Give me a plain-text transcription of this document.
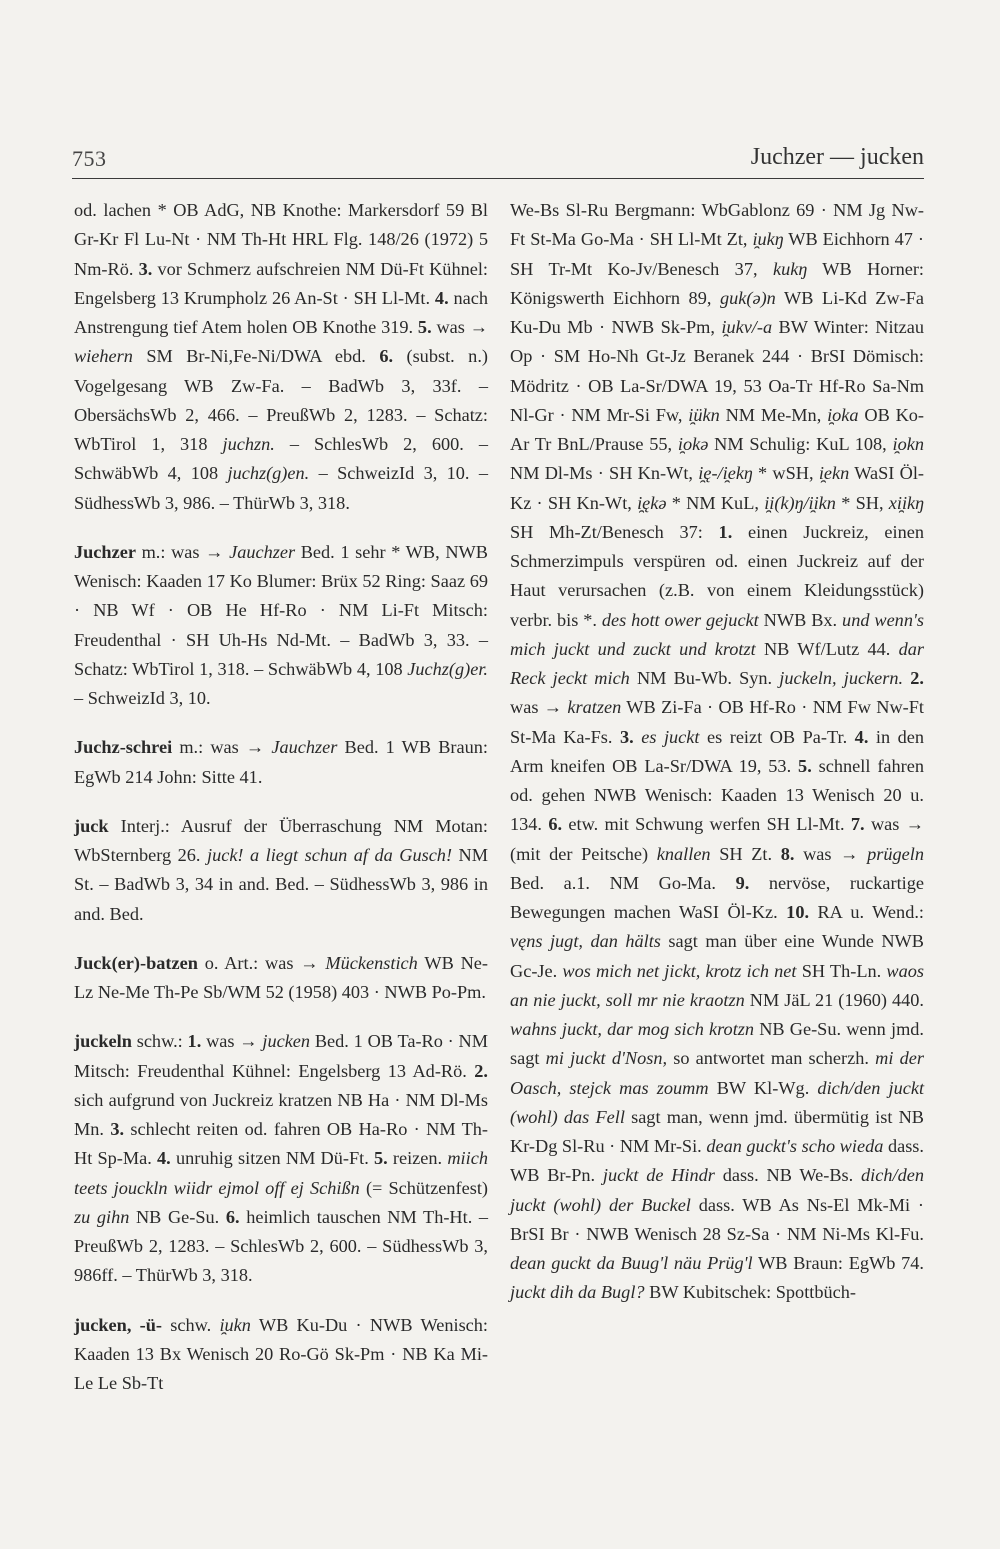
753	Juchzer — jucken

od. lachen * OB AdG, NB Knothe: Markersdorf 59 Bl Gr-Kr Fl Lu-Nt · NM Th-Ht HRL Flg. 148/26 (1972) 5 Nm-Rö. 3. vor Schmerz aufschreien NM Dü-Ft Kühnel: Engelsberg 13 Krumpholz 26 An-St · SH Ll-Mt. 4. nach Anstrengung tief Atem holen OB Knothe 319. 5. was → wiehern SM Br-Ni,Fe-Ni/DWA ebd. 6. (subst. n.) Vogelgesang WB Zw-Fa. – BadWb 3, 33f. – ObersächsWb 2, 466. – PreußWb 2, 1283. – Schatz: WbTirol 1, 318 juchzn. – SchlesWb 2, 600. – SchwäbWb 4, 108 juchz(g)en. – SchweizId 3, 10. – SüdhessWb 3, 986. – ThürWb 3, 318.

Juchzer m.: was → Jauchzer Bed. 1 sehr * WB, NWB Wenisch: Kaaden 17 Ko Blumer: Brüx 52 Ring: Saaz 69 · NB Wf · OB He Hf-Ro · NM Li-Ft Mitsch: Freudenthal · SH Uh-Hs Nd-Mt. – BadWb 3, 33. – Schatz: WbTirol 1, 318. – SchwäbWb 4, 108 Juchz(g)er. – SchweizId 3, 10.

Juchz-schrei m.: was → Jauchzer Bed. 1 WB Braun: EgWb 214 John: Sitte 41.

juck Interj.: Ausruf der Überraschung NM Motan: WbSternberg 26. juck! a liegt schun af da Gusch! NM St. – BadWb 3, 34 in and. Bed. – SüdhessWb 3, 986 in and. Bed.

Juck(er)-batzen o. Art.: was → Mückenstich WB Ne-Lz Ne-Me Th-Pe Sb/WM 52 (1958) 403 · NWB Po-Pm.

juckeln schw.: 1. was → jucken Bed. 1 OB Ta-Ro · NM Mitsch: Freudenthal Kühnel: Engelsberg 13 Ad-Rö. 2. sich aufgrund von Juckreiz kratzen NB Ha · NM Dl-Ms Mn. 3. schlecht reiten od. fahren OB Ha-Ro · NM Th-Ht Sp-Ma. 4. unruhig sitzen NM Dü-Ft. 5. reizen. miich teets jouckln wiidr ejmol off ej Schißn (= Schützenfest) zu gihn NB Ge-Su. 6. heimlich tauschen NM Th-Ht. – PreußWb 2, 1283. – SchlesWb 2, 600. – SüdhessWb 3, 986ff. – ThürWb 3, 318.

jucken, -ü- schw. i̯ukn WB Ku-Du · NWB Wenisch: Kaaden 13 Bx Wenisch 20 Ro-Gö Sk-Pm · NB Ka Mi-Le Le Sb-Tt

We-Bs Sl-Ru Bergmann: WbGablonz 69 · NM Jg Nw-Ft St-Ma Go-Ma · SH Ll-Mt Zt, i̯ukŋ WB Eichhorn 47 · SH Tr-Mt Ko-Jv/Benesch 37, kukŋ WB Horner: Königswerth Eichhorn 89, guk(ə)n WB Li-Kd Zw-Fa Ku-Du Mb · NWB Sk-Pm, i̯ukv/-a BW Winter: Nitzau Op · SM Ho-Nh Gt-Jz Beranek 244 · BrSI Dömisch: Mödritz · OB La-Sr/DWA 19, 53 Oa-Tr Hf-Ro Sa-Nm Nl-Gr · NM Mr-Si Fw, i̯ükn NM Me-Mn, i̯oka OB Ko-Ar Tr BnL/Prause 55, i̯okə NM Schulig: KuL 108, i̯okn NM Dl-Ms · SH Kn-Wt, i̯ę-/i̯ekŋ * wSH, i̯ekn WaSI Öl-Kz · SH Kn-Wt, i̯ękə * NM KuL, i̯i(k)ŋ/i̯ikn * SH, xi̯ikŋ SH Mh-Zt/Benesch 37: 1. einen Juckreiz, einen Schmerzimpuls verspüren od. einen Juckreiz auf der Haut verursachen (z.B. von einem Kleidungsstück) verbr. bis *. des hott ower gejuckt NWB Bx. und wenn's mich juckt und zuckt und krotzt NB Wf/Lutz 44. dar Reck jeckt mich NM Bu-Wb. Syn. juckeln, juckern. 2. was → kratzen WB Zi-Fa · OB Hf-Ro · NM Fw Nw-Ft St-Ma Ka-Fs. 3. es juckt es reizt OB Pa-Tr. 4. in den Arm kneifen OB La-Sr/DWA 19, 53. 5. schnell fahren od. gehen NWB Wenisch: Kaaden 13 Wenisch 20 u. 134. 6. etw. mit Schwung werfen SH Ll-Mt. 7. was → (mit der Peitsche) knallen SH Zt. 8. was → prügeln Bed. a.1. NM Go-Ma. 9. nervöse, ruckartige Bewegungen machen WaSI Öl-Kz. 10. RA u. Wend.: vęns jugt, dan hälts sagt man über eine Wunde NWB Gc-Je. wos mich net jickt, krotz ich net SH Th-Ln. waos an nie juckt, soll mr nie kraotzn NM JäL 21 (1960) 440. wahns juckt, dar mog sich krotzn NB Ge-Su. wenn jmd. sagt mi juckt d'Nosn, so antwortet man scherzh. mi der Oasch, stejck mas zoumm BW Kl-Wg. dich/den juckt (wohl) das Fell sagt man, wenn jmd. übermütig ist NB Kr-Dg Sl-Ru · NM Mr-Si. dean guckt's scho wieda dass. WB Br-Pn. juckt de Hindr dass. NB We-Bs. dich/den juckt (wohl) der Buckel dass. WB As Ns-El Mk-Mi · BrSI Br · NWB Wenisch 28 Sz-Sa · NM Ni-Ms Kl-Fu. dean guckt da Buug'l näu Prüg'l WB Braun: EgWb 74. juckt dih da Bugl? BW Kubitschek: Spottbüch-
